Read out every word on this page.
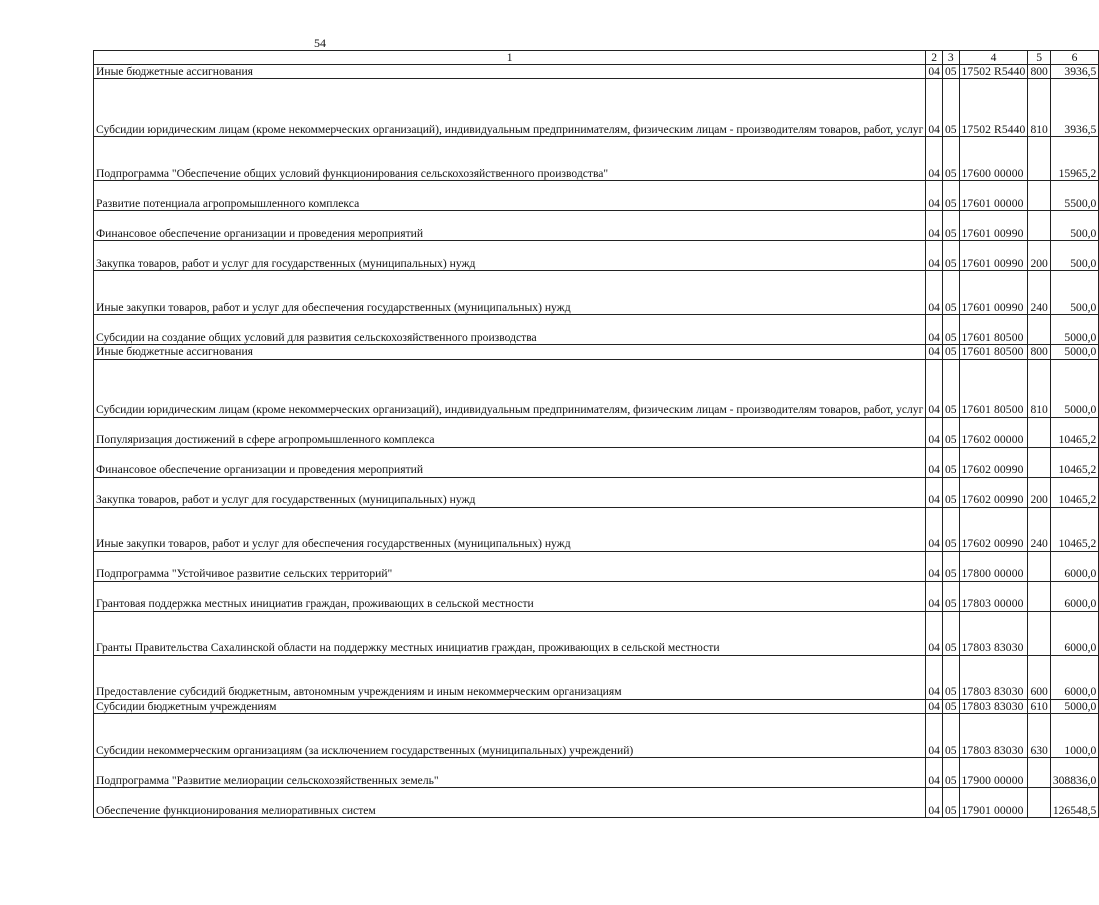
54
1	2	3	4	5	6
Иные бюджетные ассигнования	04	05	17502 R5440	800	3936,5
Субсидии юридическим лицам (кроме некоммерческих организаций), индивидуальным предпринимателям, физическим лицам - производителям товаров, работ, услуг	04	05	17502 R5440	810	3936,5
Подпрограмма "Обеспечение общих условий функционирования сельскохозяйственного производства"	04	05	17600 00000		15965,2
Развитие потенциала агропромышленного комплекса	04	05	17601 00000		5500,0
Финансовое обеспечение организации и проведения мероприятий	04	05	17601 00990		500,0
Закупка товаров, работ и услуг для государственных (муниципальных) нужд	04	05	17601 00990	200	500,0
Иные закупки товаров, работ и услуг для обеспечения государственных (муниципальных) нужд	04	05	17601 00990	240	500,0
Субсидии на создание общих условий для развития сельскохозяйственного производства	04	05	17601 80500		5000,0
Иные бюджетные ассигнования	04	05	17601 80500	800	5000,0
Субсидии юридическим лицам (кроме некоммерческих организаций), индивидуальным предпринимателям, физическим лицам - производителям товаров, работ, услуг	04	05	17601 80500	810	5000,0
Популяризация достижений в сфере агропромышленного комплекса	04	05	17602 00000		10465,2
Финансовое обеспечение организации и проведения мероприятий	04	05	17602 00990		10465,2
Закупка товаров, работ и услуг для государственных (муниципальных) нужд	04	05	17602 00990	200	10465,2
Иные закупки товаров, работ и услуг для обеспечения государственных (муниципальных) нужд	04	05	17602 00990	240	10465,2
Подпрограмма "Устойчивое развитие сельских территорий"	04	05	17800 00000		6000,0
Грантовая поддержка местных инициатив граждан, проживающих в сельской местности	04	05	17803 00000		6000,0
Гранты Правительства Сахалинской области на поддержку местных инициатив граждан, проживающих в сельской местности	04	05	17803 83030		6000,0
Предоставление субсидий бюджетным, автономным учреждениям и иным некоммерческим организациям	04	05	17803 83030	600	6000,0
Субсидии бюджетным учреждениям	04	05	17803 83030	610	5000,0
Субсидии некоммерческим организациям (за исключением государственных (муниципальных) учреждений)	04	05	17803 83030	630	1000,0
Подпрограмма "Развитие мелиорации сельскохозяйственных земель"	04	05	17900 00000		308836,0
Обеспечение функционирования мелиоративных систем	04	05	17901 00000		126548,5
